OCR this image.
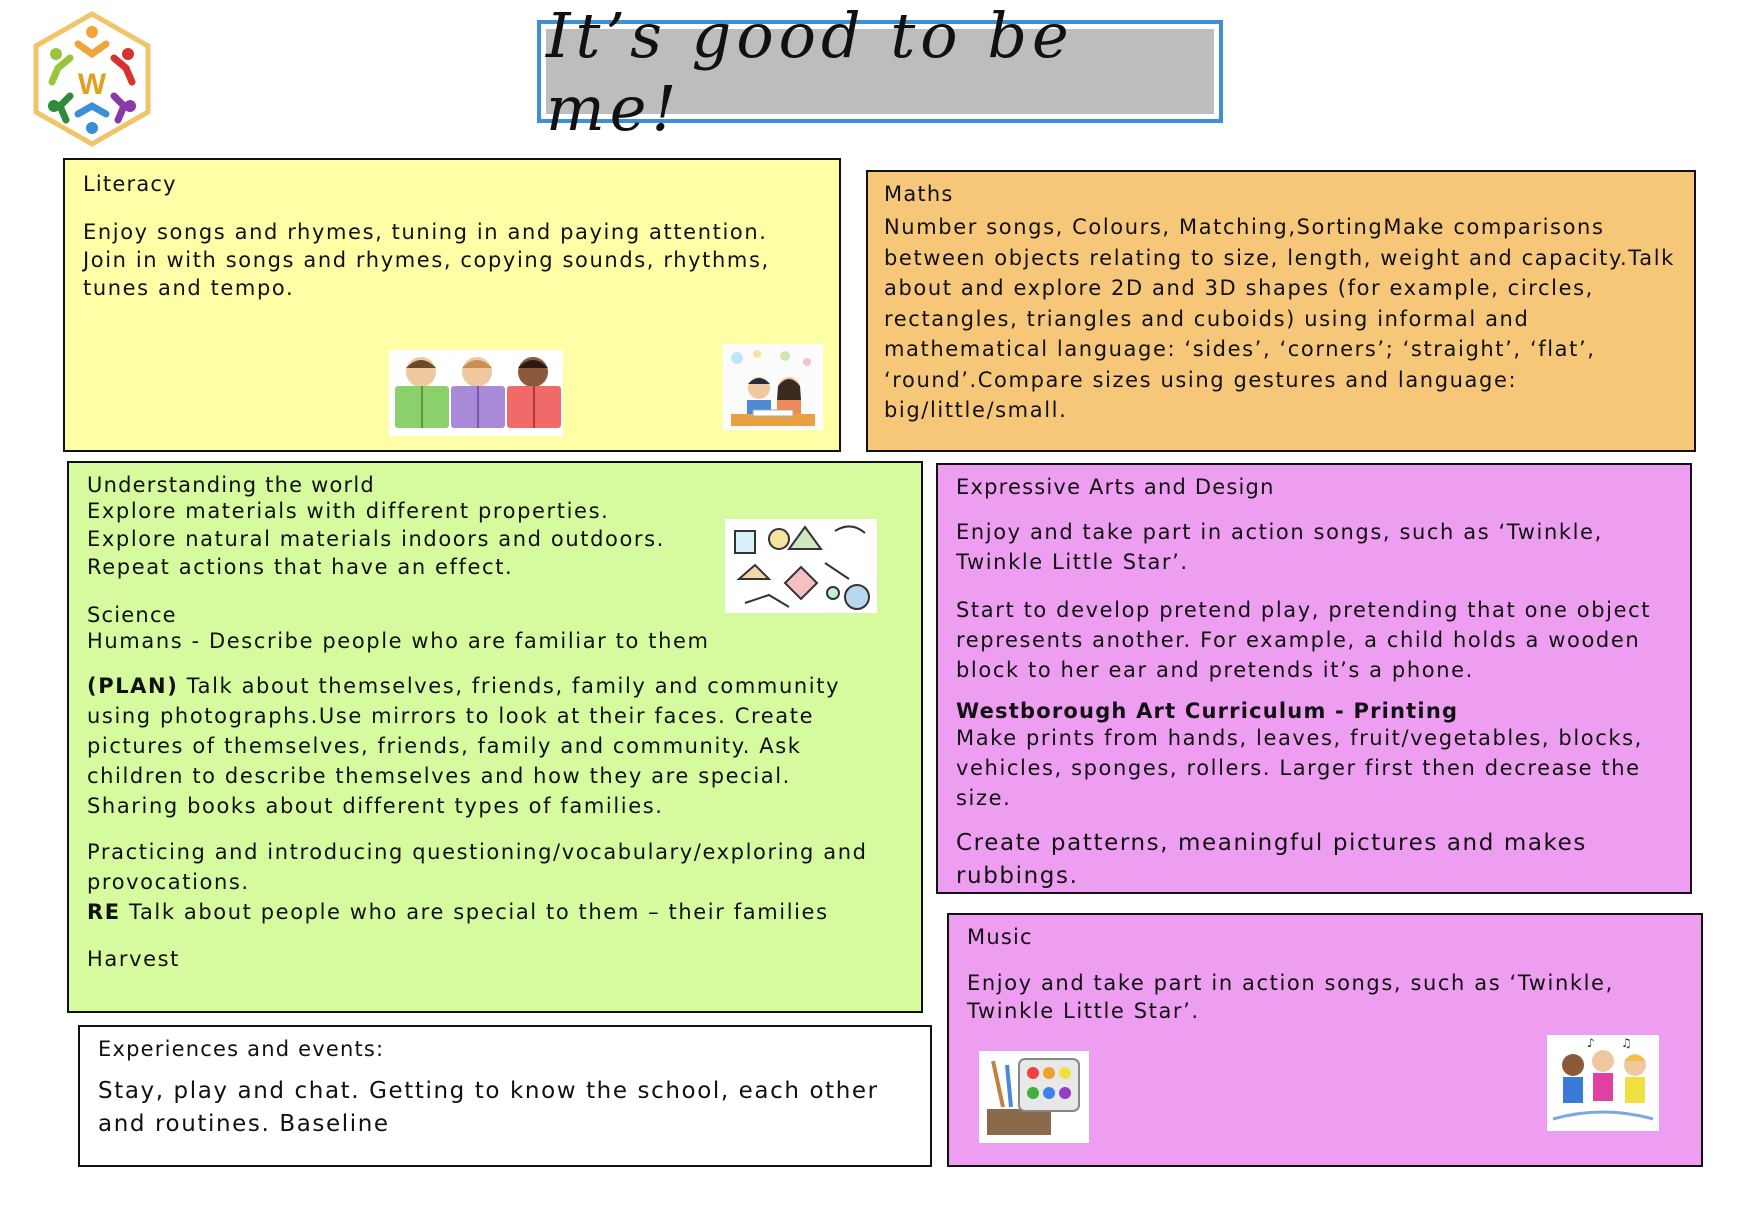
W
It’s good to be me!

Literacy

Enjoy songs and rhymes, tuning in and paying attention.

Join in with songs and rhymes, copying sounds, rhythms, tunes and tempo.

Maths

Number songs, Colours, Matching,SortingMake comparisons between objects relating to size, length, weight and capacity.Talk about and explore 2D and 3D shapes (for example, circles, rectangles, triangles and cuboids) using informal and mathematical language: ‘sides’, ‘corners’; ‘straight’, ‘flat’, ‘round’.Compare sizes using gestures and language: big/little/small.

Understanding the world

Explore materials with different properties.

Explore natural materials indoors and outdoors.

Repeat actions that have an effect.

Science

Humans - Describe people who are familiar to them

(PLAN) Talk about themselves, friends, family and community using photographs.Use mirrors to look at their faces. Create pictures of themselves, friends, family and community. Ask children to describe themselves and how they are special. Sharing books about different types of families.

Practicing and introducing questioning/vocabulary/exploring and provocations.

RE Talk about people who are special to them – their families

Harvest

Expressive Arts and Design

Enjoy and take part in action songs, such as ‘Twinkle, Twinkle Little Star’.

Start to develop pretend play, pretending that one object represents another. For example, a child holds a wooden block to her ear and pretends it’s a phone.

Westborough Art Curriculum - Printing

Make prints from hands, leaves, fruit/vegetables, blocks, vehicles, sponges, rollers. Larger first then decrease the size.

Create patterns, meaningful pictures and makes rubbings.

Music

Enjoy and take part in action songs, such as ‘Twinkle, Twinkle Little Star’.

♪ ♫

Experiences and events:

Stay, play and chat. Getting to know the school, each other and routines. Baseline
